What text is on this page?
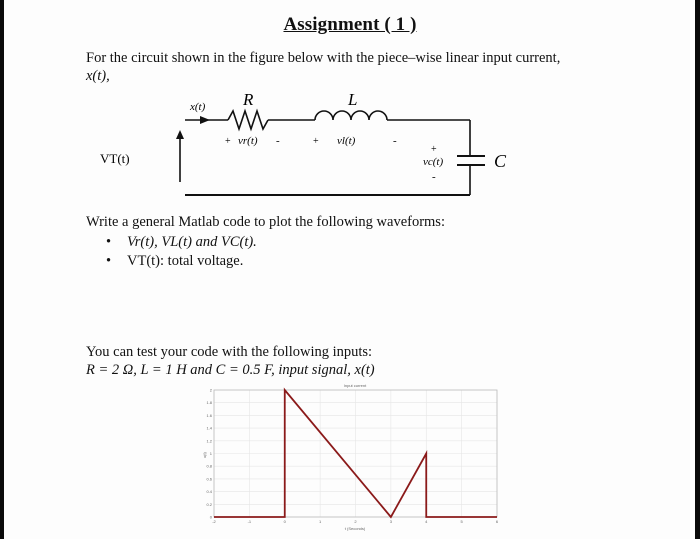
Assignment ( 1 )
For the circuit shown in the figure below with the piece–wise linear input current,
x(t),
x(t) R	L
+ vr(t) -	+ vl(t)	-
+
vc(t)
-
C
VT(t)
Write a general Matlab code to plot the following waveforms:
• Vr(t), VL(t) and VC(t).
• VT(t): total voltage.
You can test your code with the following inputs:
R = 2 Ω, L = 1 H and C = 0.5 F, input signal, x(t)
Input current
-2	-1	0	1	2	3	4	5	6
0
0.2
0.4
0.6
0.8
1
1.2
1.4
1.6
1.8
2
t (Seconds)
x(t)
